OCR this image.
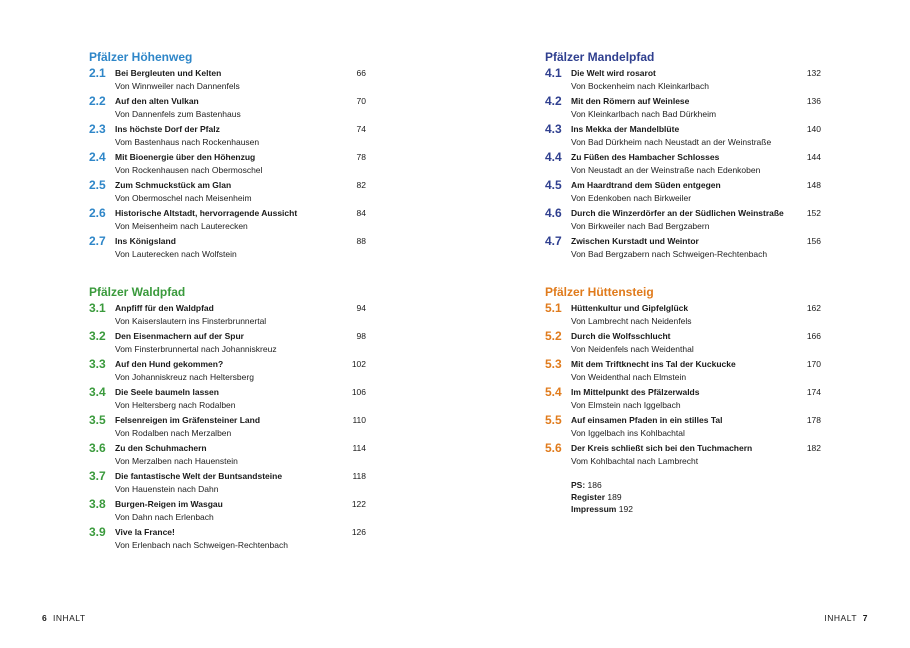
Pfälzer Höhenweg
2.1	Bei Bergleuten und Kelten	66
Von Winnweiler nach Dannenfels
2.2	Auf den alten Vulkan	70
Von Dannenfels zum Bastenhaus
2.3	Ins höchste Dorf der Pfalz	74
Vom Bastenhaus nach Rockenhausen
2.4	Mit Bioenergie über den Höhenzug	78
Von Rockenhausen nach Obermoschel
2.5	Zum Schmuckstück am Glan	82
Von Obermoschel nach Meisenheim
2.6	Historische Altstadt, hervorragende Aussicht	84
Von Meisenheim nach Lauterecken
2.7	Ins Königsland	88
Von Lauterecken nach Wolfstein
Pfälzer Waldpfad
3.1	Anpfiff für den Waldpfad	94
Von Kaiserslautern ins Finsterbrunnertal
3.2	Den Eisenmachern auf der Spur	98
Vom Finsterbrunnertal nach Johanniskreuz
3.3	Auf den Hund gekommen?	102
Von Johanniskreuz nach Heltersberg
3.4	Die Seele baumeln lassen	106
Von Heltersberg nach Rodalben
3.5	Felsenreigen im Gräfensteiner Land	110
Von Rodalben nach Merzalben
3.6	Zu den Schuhmachern	114
Von Merzalben nach Hauenstein
3.7	Die fantastische Welt der Buntsandsteine	118
Von Hauenstein nach Dahn
3.8	Burgen-Reigen im Wasgau	122
Von Dahn nach Erlenbach
3.9	Vive la France!	126
Von Erlenbach nach Schweigen-Rechtenbach
Pfälzer Mandelpfad
4.1	Die Welt wird rosarot	132
Von Bockenheim nach Kleinkarlbach
4.2	Mit den Römern auf Weinlese	136
Von Kleinkarlbach nach Bad Dürkheim
4.3	Ins Mekka der Mandelblüte	140
Von Bad Dürkheim nach Neustadt an der Weinstraße
4.4	Zu Füßen des Hambacher Schlosses	144
Von Neustadt an der Weinstraße nach Edenkoben
4.5	Am Haardtrand dem Süden entgegen	148
Von Edenkoben nach Birkweiler
4.6	Durch die Winzerdörfer an der Südlichen Weinstraße	152
Von Birkweiler nach Bad Bergzabern
4.7	Zwischen Kurstadt und Weintor	156
Von Bad Bergzabern nach Schweigen-Rechtenbach
Pfälzer Hüttensteig
5.1	Hüttenkultur und Gipfelglück	162
Von Lambrecht nach Neidenfels
5.2	Durch die Wolfsschlucht	166
Von Neidenfels nach Weidenthal
5.3	Mit dem Triftknecht ins Tal der Kuckucke	170
Von Weidenthal nach Elmstein
5.4	Im Mittelpunkt des Pfälzerwalds	174
Von Elmstein nach Iggelbach
5.5	Auf einsamen Pfaden in ein stilles Tal	178
Von Iggelbach ins Kohlbachtal
5.6	Der Kreis schließt sich bei den Tuchmachern	182
Vom Kohlbachtal nach Lambrecht
PS: 186
Register 189
Impressum 192
6 INHALT	INHALT 7
